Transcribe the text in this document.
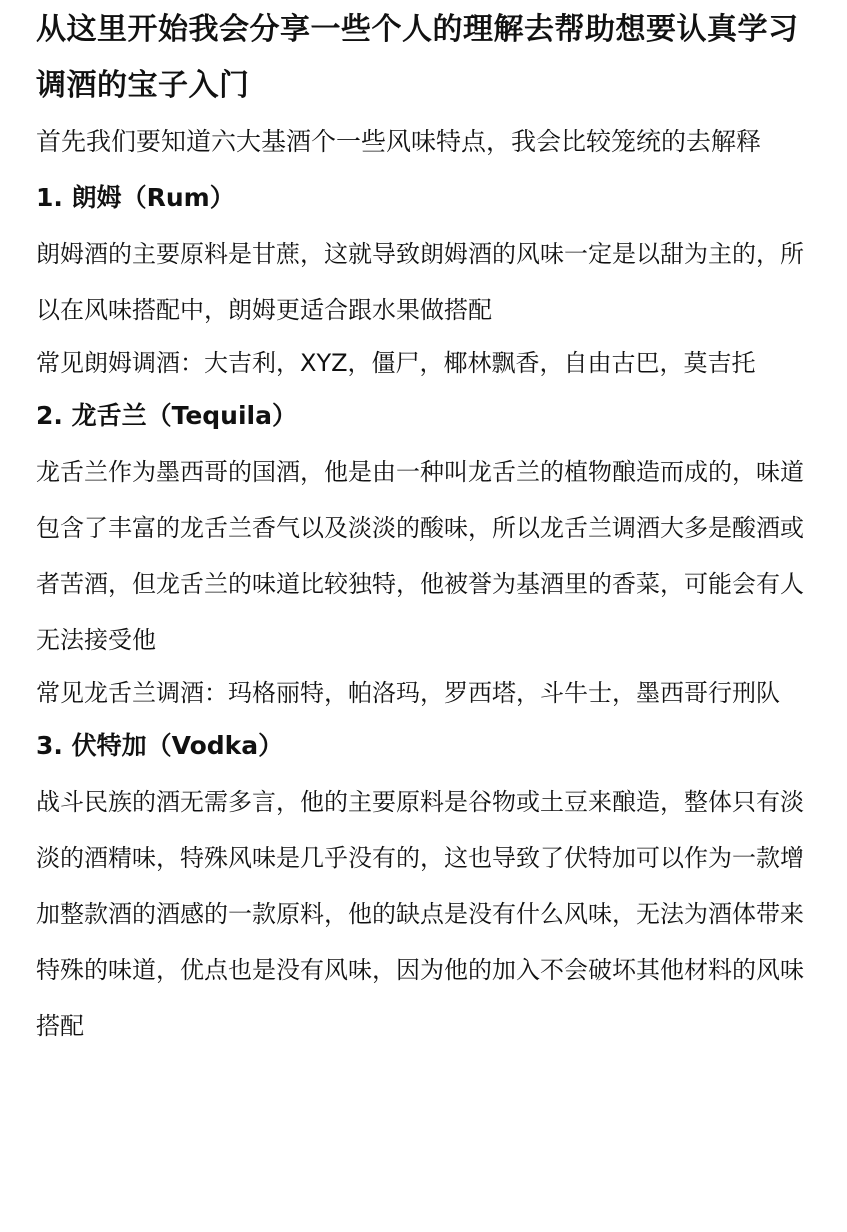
从这里开始我会分享一些个人的理解去帮助想要认真学习调酒的宝子入门

首先我们要知道六大基酒个一些风味特点，我会比较笼统的去解释

1. 朗姆（Rum）

朗姆酒的主要原料是甘蔗，这就导致朗姆酒的风味一定是以甜为主的，所以在风味搭配中，朗姆更适合跟水果做搭配

常见朗姆调酒：大吉利，XYZ，僵尸，椰林飘香，自由古巴，莫吉托

2. 龙舌兰（Tequila）

龙舌兰作为墨西哥的国酒，他是由一种叫龙舌兰的植物酿造而成的，味道包含了丰富的龙舌兰香气以及淡淡的酸味，所以龙舌兰调酒大多是酸酒或者苦酒，但龙舌兰的味道比较独特，他被誉为基酒里的香菜，可能会有人无法接受他

常见龙舌兰调酒：玛格丽特，帕洛玛，罗西塔，斗牛士，墨西哥行刑队

3. 伏特加（Vodka）

战斗民族的酒无需多言，他的主要原料是谷物或土豆来酿造，整体只有淡淡的酒精味，特殊风味是几乎没有的，这也导致了伏特加可以作为一款增加整款酒的酒感的一款原料，他的缺点是没有什么风味，无法为酒体带来特殊的味道，优点也是没有风味，因为他的加入不会破坏其他材料的风味搭配
